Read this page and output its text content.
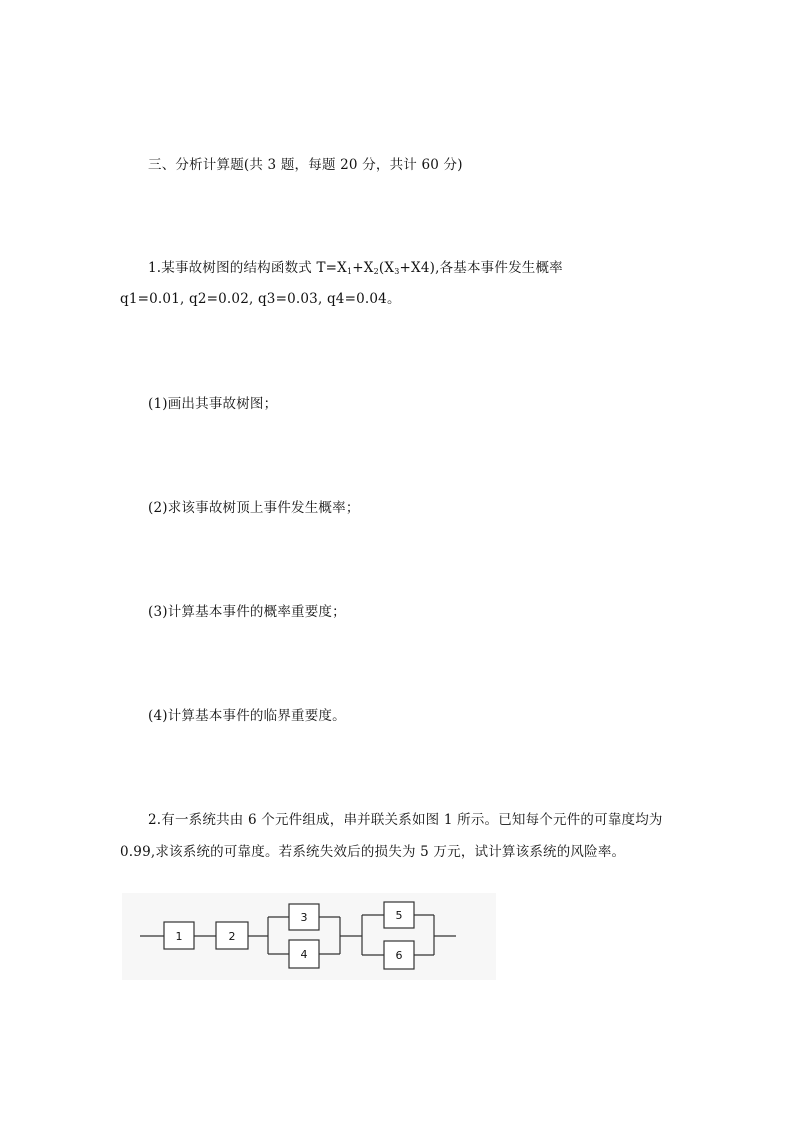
三、分析计算题(共 3 题，每题 20 分，共计 60 分)
1.某事故树图的结构函数式 $T=X_1+X_2(X_3+X4)$,各基本事件发生概率
q1=0.01, q2=0.02, q3=0.03, q4=0.04。
(1)画出其事故树图；
(2)求该事故树顶上事件发生概率；
(3)计算基本事件的概率重要度；
(4)计算基本事件的临界重要度。
2.有一系统共由 6 个元件组成，串并联关系如图 1 所示。已知每个元件的可靠度均为
0.99,求该系统的可靠度。若系统失效后的损失为 5 万元，试计算该系统的风险率。
1	2
3
4
5
6
